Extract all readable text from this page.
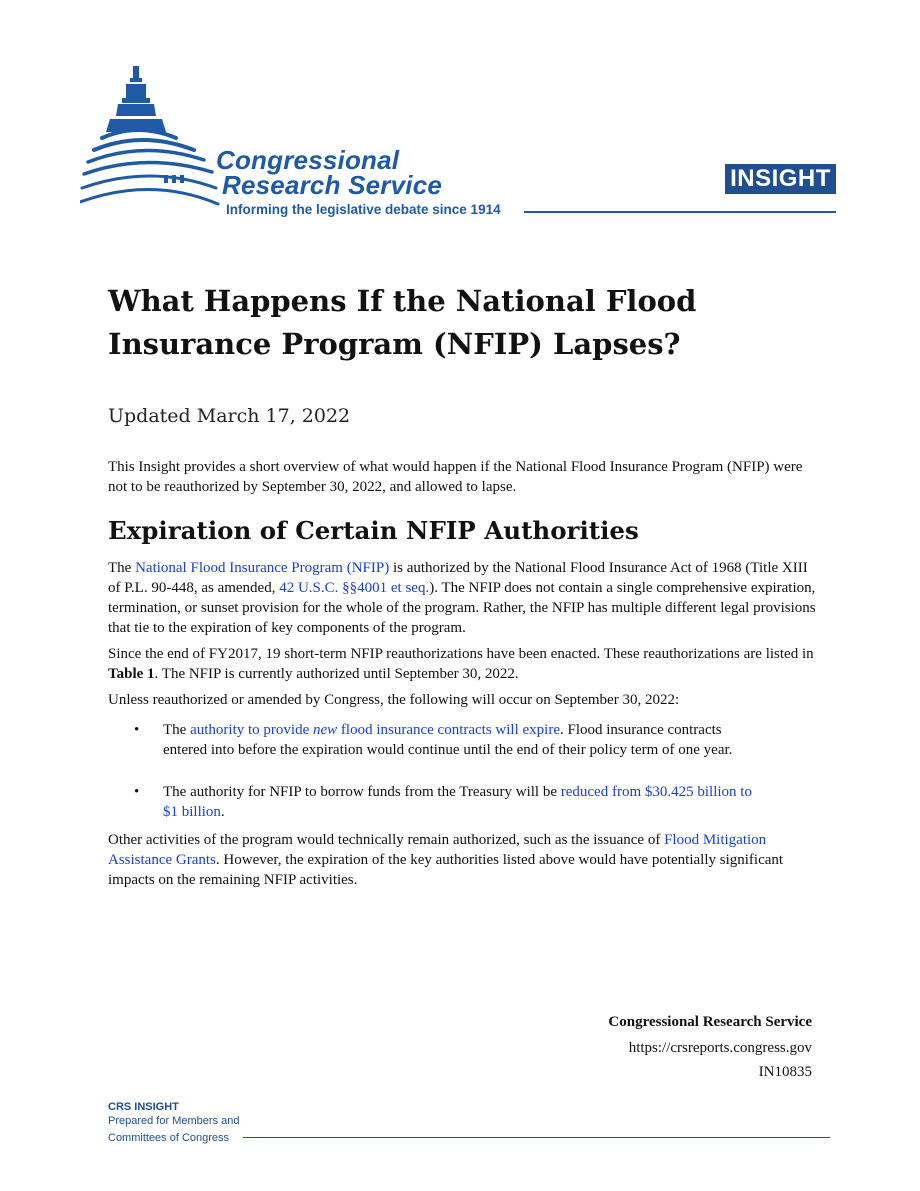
Congressional
Research Service
Informing the legislative debate since 1914
INSIGHT
What Happens If the National Flood Insurance Program (NFIP) Lapses?
Updated March 17, 2022

This Insight provides a short overview of what would happen if the National Flood Insurance Program (NFIP) were not to be reauthorized by September 30, 2022, and allowed to lapse.

Expiration of Certain NFIP Authorities

The National Flood Insurance Program (NFIP) is authorized by the National Flood Insurance Act of 1968 (Title XIII of P.L. 90-448, as amended, 42 U.S.C. §§4001 et seq.). The NFIP does not contain a single comprehensive expiration, termination, or sunset provision for the whole of the program. Rather, the NFIP has multiple different legal provisions that tie to the expiration of key components of the program.

Since the end of FY2017, 19 short-term NFIP reauthorizations have been enacted. These reauthorizations are listed in Table 1. The NFIP is currently authorized until September 30, 2022.

Unless reauthorized or amended by Congress, the following will occur on September 30, 2022:

• The authority to provide new flood insurance contracts will expire. Flood insurance contracts entered into before the expiration would continue until the end of their policy term of one year.
• The authority for NFIP to borrow funds from the Treasury will be reduced from $30.425 billion to $1 billion.

Other activities of the program would technically remain authorized, such as the issuance of Flood Mitigation Assistance Grants. However, the expiration of the key authorities listed above would have potentially significant impacts on the remaining NFIP activities.

Congressional Research Service
https://crsreports.congress.gov
IN10835
CRS INSIGHT
Prepared for Members and
Committees of Congress
